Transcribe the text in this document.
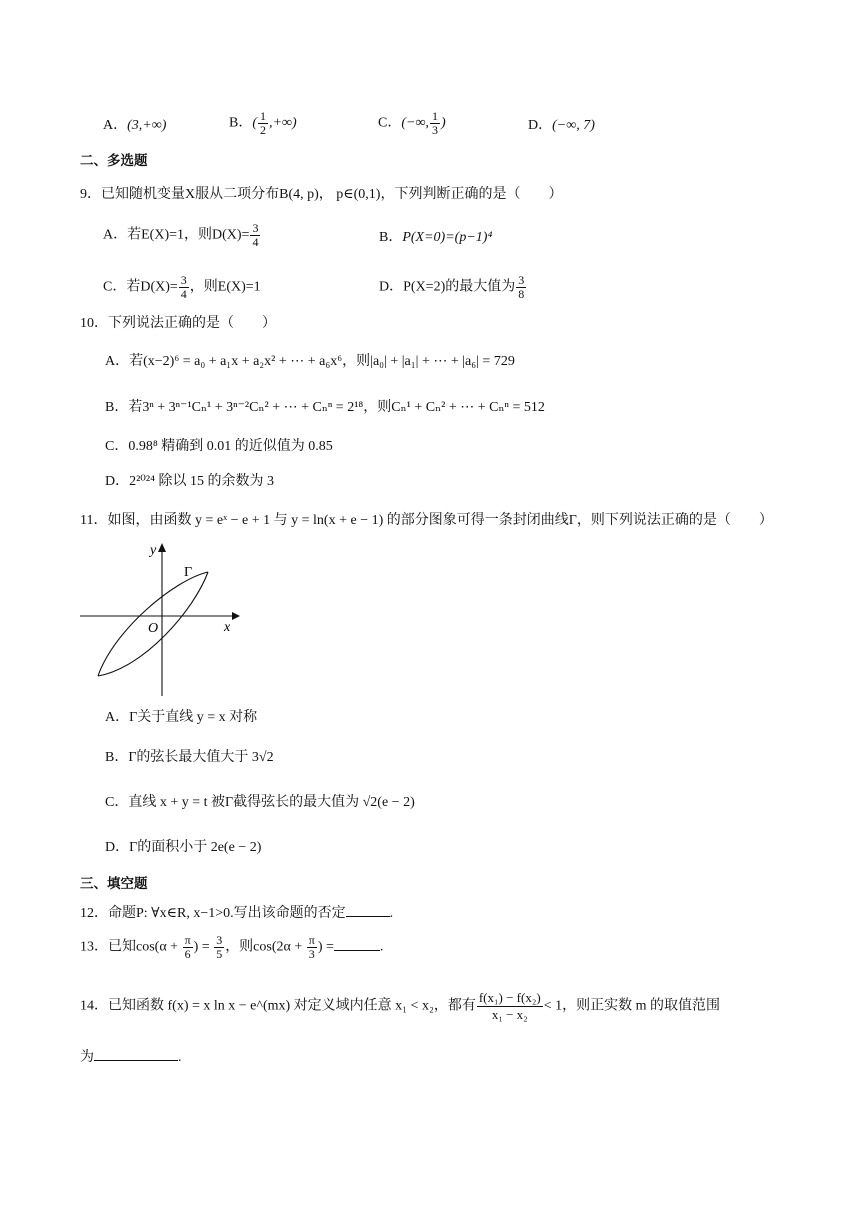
A．(3,+∞)	B．( $\frac{1}{2}$ ,+∞)	C．(−∞, $\frac{1}{3}$ )	D．(−∞, 7)
二、多选题
9．已知随机变量X服从二项分布B(4, p)， p∈(0,1)，下列判断正确的是（　　）
A．若E(X)=1，则$D(X)= \frac{3}{4}$	B．P(X=0)=(p−1)⁴
C．若$D(X)= \frac{3}{4}$ ，则E(X)=1	D．P(X=2)的最大值为 $\frac{3}{8}$
10．下列说法正确的是（　　）
A．若(x−2)⁶ = a₀ + a₁x + a₂x² + ⋯ + a₆x⁶，则|a₀| + |a₁| + ⋯ + |a₆| = 729
B．若3ⁿ + 3ⁿ⁻¹Cₙ¹ + 3ⁿ⁻²Cₙ² + ⋯ + Cₙⁿ = 2¹⁸，则Cₙ¹ + Cₙ² + ⋯ + Cₙⁿ = 512
C．0.98⁸ 精确到 0.01 的近似值为 0.85
D．2²⁰²⁴ 除以 15 的余数为 3
11．如图，由函数 y = eˣ − e + 1 与 y = ln(x + e − 1) 的部分图象可得一条封闭曲线Γ，则下列说法正确的是（　　）
y
x
O
Γ
A．Γ关于直线 y = x 对称
B．Γ的弦长最大值大于 3√2
C．直线 x + y = t 被Γ截得弦长的最大值为 √2(e − 2)
D．Γ的面积小于 2e(e − 2)
三、填空题
12．命题P: ∀x∈R, x−1>0.写出该命题的否定	.
13．已知$\cos(\alpha + \frac{\pi}{6}$ ) = $\frac{3}{5}$ ，则$\cos(2\alpha + \frac{\pi}{3}$ ) =	.
14．已知函数 f(x) = x ln x − e^(mx) 对定义域内任意 x₁ < x₂，都有 $\frac{\text{f(x₁) − f(x₂)}}{\text{x₁ − x₂}} < 1$，则正实数 m 的取值范围
为	.
